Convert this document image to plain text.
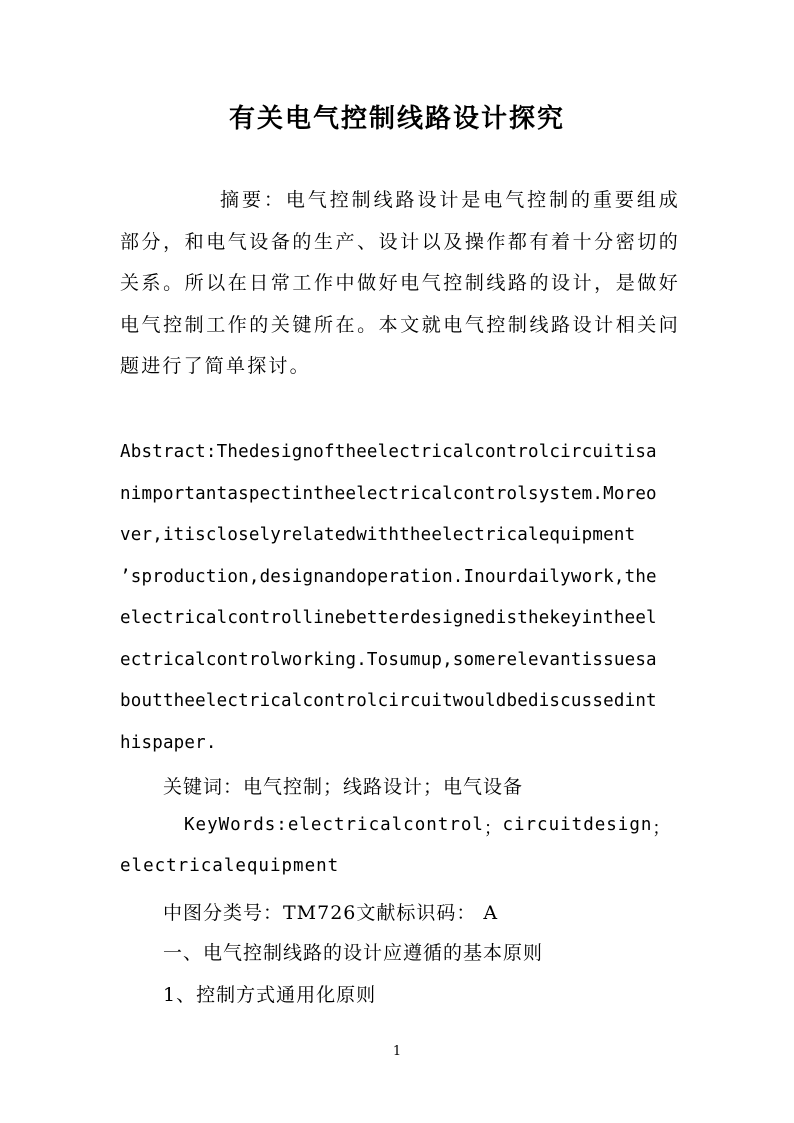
有关电气控制线路设计探究
摘要：电气控制线路设计是电气控制的重要组成部分，和电气设备的生产、设计以及操作都有着十分密切的关系。所以在日常工作中做好电气控制线路的设计，是做好电气控制工作的关键所在。本文就电气控制线路设计相关问题进行了简单探讨。
Abstract:Thedesignoftheelectricalcontrolcircuitisanimportantaspectintheelectricalcontrolsystem.Moreover,itiscloselyrelatedwiththeelectricalequipment　　’sproduction,designandoperation.Inourdailywork,theelectricalcontrollinebetterdesignedisthekeyintheelectricalcontrolworking.Tosumup,somerelevantissuesabouttheelectricalcontrolcircuitwouldbediscussedinthispaper.
关键词：电气控制；线路设计；电气设备
KeyWords:electricalcontrol ； circuitdesign ；
electricalequipment
中图分类号：TM726文献标识码： A
一、电气控制线路的设计应遵循的基本原则
1、控制方式通用化原则
1
